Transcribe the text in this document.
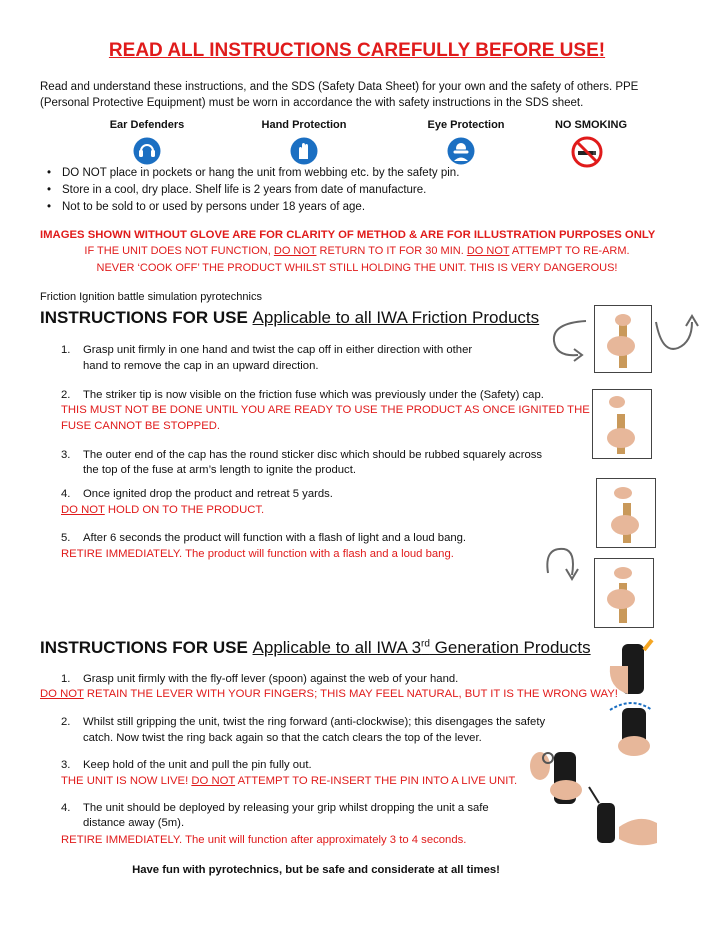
READ ALL INSTRUCTIONS CAREFULLY BEFORE USE!
Read and understand these instructions, and the SDS (Safety Data Sheet) for your own and the safety of others. PPE (Personal Protective Equipment) must be worn in accordance the with safety instructions in the SDS sheet.
Ear Defenders	Hand Protection	Eye Protection	NO SMOKING
• DO NOT place in pockets or hang the unit from webbing etc. by the safety pin.
• Store in a cool, dry place. Shelf life is 2 years from date of manufacture.
• Not to be sold to or used by persons under 18 years of age.
IMAGES SHOWN WITHOUT GLOVE ARE FOR CLARITY OF METHOD & ARE FOR ILLUSTRATION PURPOSES ONLY
IF THE UNIT DOES NOT FUNCTION, DO NOT RETURN TO IT FOR 30 MIN. DO NOT ATTEMPT TO RE-ARM.
NEVER ‘COOK OFF’ THE PRODUCT WHILST STILL HOLDING THE UNIT. THIS IS VERY DANGEROUS!
Friction Ignition battle simulation pyrotechnics
INSTRUCTIONS FOR USE Applicable to all IWA Friction Products
1. Grasp unit firmly in one hand and twist the cap off in either direction with other
hand to remove the cap in an upward direction.
2. The striker tip is now visible on the friction fuse which was previously under the (Safety) cap.
THIS MUST NOT BE DONE UNTIL YOU ARE READY TO USE THE PRODUCT AS ONCE IGNITED THE
FUSE CANNOT BE STOPPED.
3. The outer end of the cap has the round sticker disc which should be rubbed squarely across
the top of the fuse at arm’s length to ignite the product.
4. Once ignited drop the product and retreat 5 yards.
DO NOT HOLD ON TO THE PRODUCT.
5. After 6 seconds the product will function with a flash of light and a loud bang.
RETIRE IMMEDIATELY. The product will function with a flash and a loud bang.
INSTRUCTIONS FOR USE Applicable to all IWA 3rd Generation Products
1. Grasp unit firmly with the fly-off lever (spoon) against the web of your hand.
DO NOT RETAIN THE LEVER WITH YOUR FINGERS; THIS MAY FEEL NATURAL, BUT IT IS THE WRONG WAY!
2. Whilst still gripping the unit, twist the ring forward (anti-clockwise); this disengages the safety
catch. Now twist the ring back again so that the catch clears the top of the lever.
3. Keep hold of the unit and pull the pin fully out.
THE UNIT IS NOW LIVE! DO NOT ATTEMPT TO RE-INSERT THE PIN INTO A LIVE UNIT.
4. The unit should be deployed by releasing your grip whilst dropping the unit a safe
distance away (5m).
RETIRE IMMEDIATELY. The unit will function after approximately 3 to 4 seconds.
Have fun with pyrotechnics, but be safe and considerate at all times!
